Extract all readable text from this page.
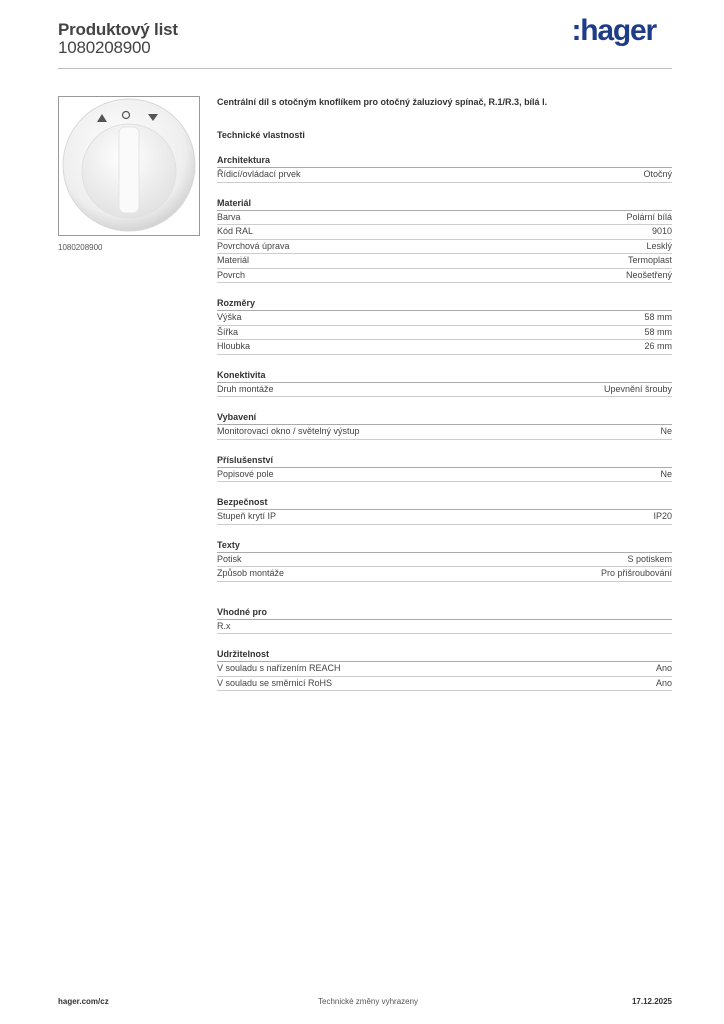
Produktový list
1080208900
:hager
1080208900
Centrální díl s otočným knoflíkem pro otočný žaluziový spínač, R.1/R.3, bílá l.
Technické vlastnosti
Architektura
Řídicí/ovládací prvek	Otočný
Materiál
Barva	Polární bílá
Kód RAL	9010
Povrchová úprava	Lesklý
Materiál	Termoplast
Povrch	Neošetřený
Rozměry
Výška	58 mm
Šířka	58 mm
Hloubka	26 mm
Konektivita
Druh montáže	Upevnění šrouby
Vybavení
Monitorovací okno / světelný výstup	Ne
Příslušenství
Popisové pole	Ne
Bezpečnost
Stupeň krytí IP	IP20
Texty
Potisk	S potiskem
Způsob montáže	Pro přišroubování
Vhodné pro
R.x
Udržitelnost
V souladu s nařízením REACH	Ano
V souladu se směrnicí RoHS	Ano
hager.com/cz	Technické změny vyhrazeny	17.12.2025
